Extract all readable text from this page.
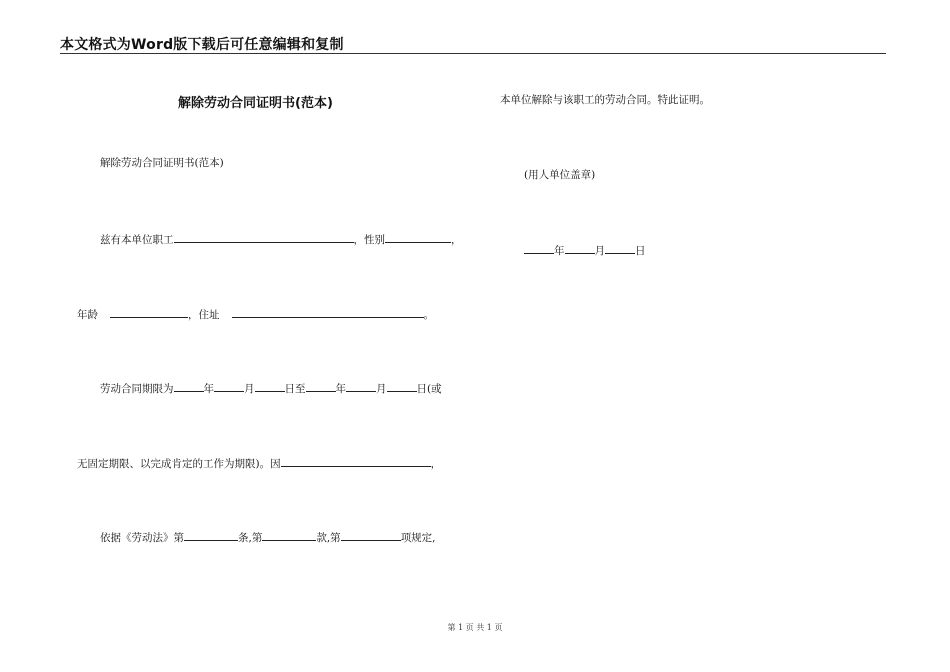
本文格式为Word版下载后可任意编辑和复制
解除劳动合同证明书(范本)
解除劳动合同证明书(范本)
兹有本单位职工	，性别	，
年龄	，住址	。
劳动合同期限为	年	月	日至	年	月	日(或
无固定期限、以完成肯定的工作为期限)。因	，
依据《劳动法》第	条,第	款,第	项规定,
本单位解除与该职工的劳动合同。特此证明。
(用人单位盖章)
年	月	日
第 1 页 共 1 页
